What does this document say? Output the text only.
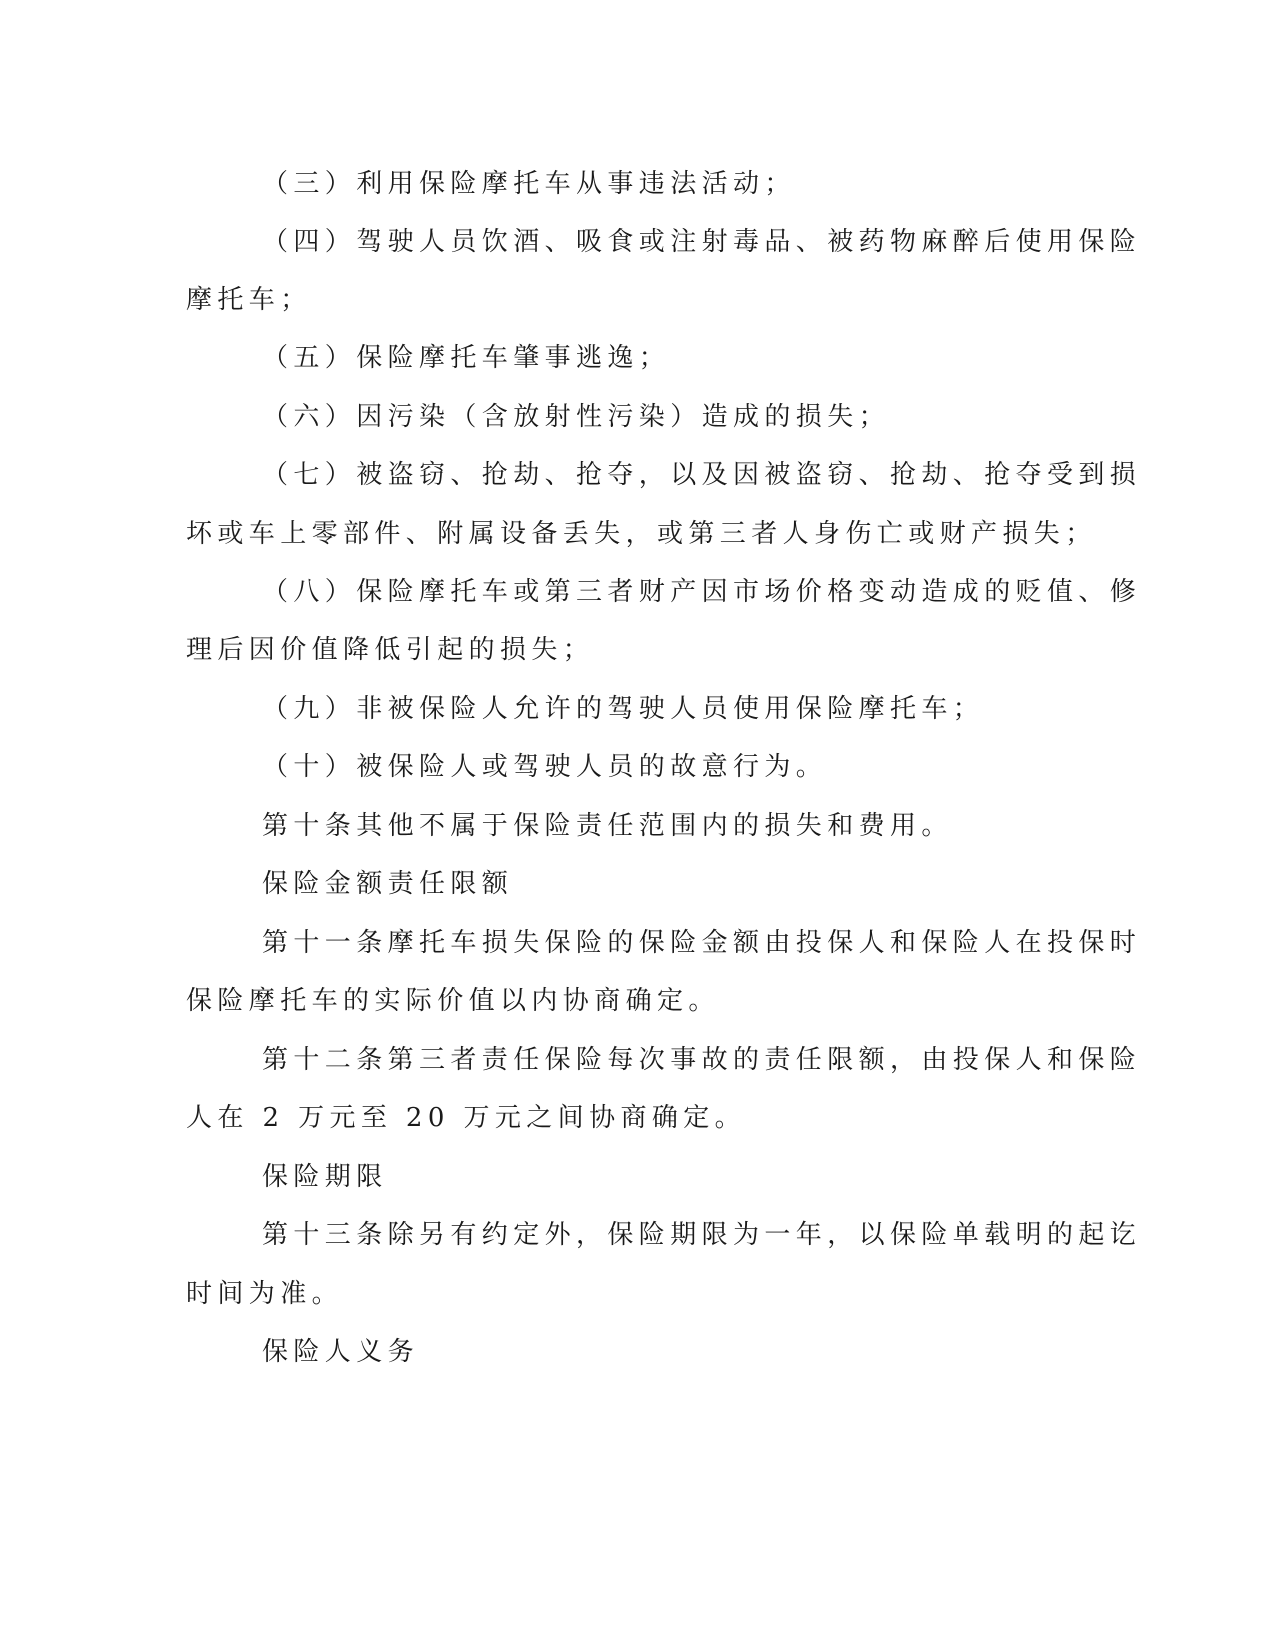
（三）利用保险摩托车从事违法活动；

（四）驾驶人员饮酒、吸食或注射毒品、被药物麻醉后使用保险

摩托车；

（五）保险摩托车肇事逃逸；

（六）因污染（含放射性污染）造成的损失；

（七）被盗窃、抢劫、抢夺，以及因被盗窃、抢劫、抢夺受到损

坏或车上零部件、附属设备丢失，或第三者人身伤亡或财产损失；

（八）保险摩托车或第三者财产因市场价格变动造成的贬值、修

理后因价值降低引起的损失；

（九）非被保险人允许的驾驶人员使用保险摩托车；

（十）被保险人或驾驶人员的故意行为。

第十条其他不属于保险责任范围内的损失和费用。

保险金额责任限额

第十一条摩托车损失保险的保险金额由投保人和保险人在投保时

保险摩托车的实际价值以内协商确定。

第十二条第三者责任保险每次事故的责任限额，由投保人和保险

人在 2 万元至 20 万元之间协商确定。

保险期限

第十三条除另有约定外，保险期限为一年，以保险单载明的起讫

时间为准。

保险人义务
